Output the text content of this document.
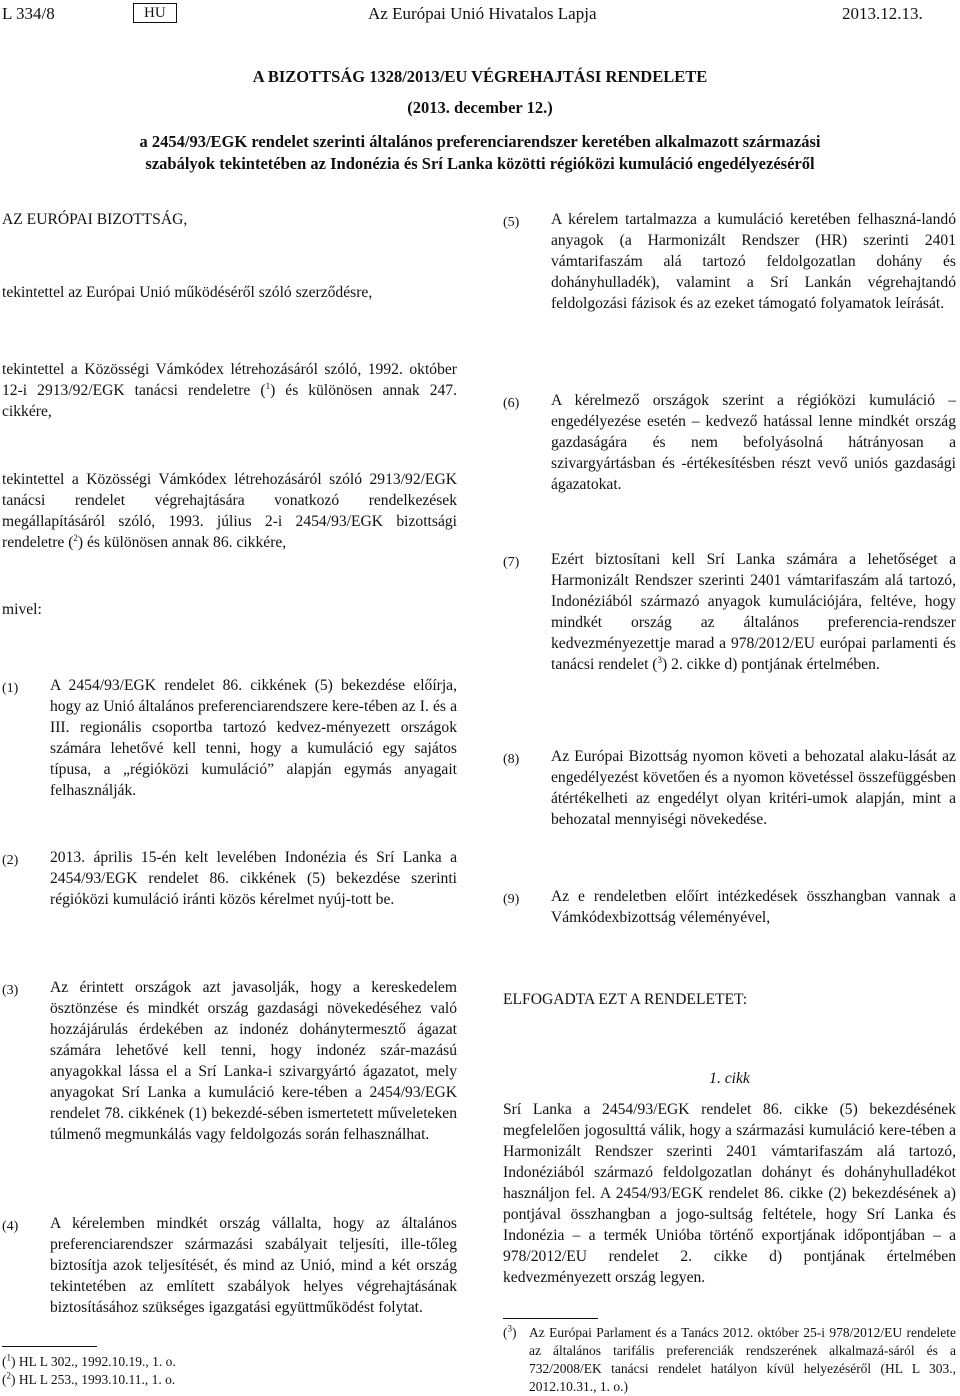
L 334/8	HU	Az Európai Unió Hivatalos Lapja	2013.12.13.
A BIZOTTSÁG 1328/2013/EU VÉGREHAJTÁSI RENDELETE
(2013. december 12.)
a 2454/93/EGK rendelet szerinti általános preferenciarendszer keretében alkalmazott származási
szabályok tekintetében az Indonézia és Srí Lanka közötti régióközi kumuláció engedélyezéséről
AZ EURÓPAI BIZOTTSÁG,
tekintettel az Európai Unió működéséről szóló szerződésre,
tekintettel a Közösségi Vámkódex létrehozásáról szóló, 1992. október 12-i 2913/92/EGK tanácsi rendeletre ($^1$) és különösen annak 247. cikkére,
tekintettel a Közösségi Vámkódex létrehozásáról szóló 2913/92/EGK tanácsi rendelet végrehajtására vonatkozó rendelkezések megállapításáról szóló, 1993. július 2-i 2454/93/EGK bizottsági rendeletre ($^2$) és különösen annak 86. cikkére,
mivel:
(1) A 2454/93/EGK rendelet 86. cikkének (5) bekezdése előírja, hogy az Unió általános preferenciarendszere kere-tében az I. és a III. regionális csoportba tartozó kedvez-ményezett országok számára lehetővé kell tenni, hogy a kumuláció egy sajátos típusa, a „régióközi kumuláció” alapján egymás anyagait felhasználják.
(2) 2013. április 15-én kelt levelében Indonézia és Srí Lanka a 2454/93/EGK rendelet 86. cikkének (5) bekezdése szerinti régióközi kumuláció iránti közös kérelmet nyúj-tott be.
(3) Az érintett országok azt javasolják, hogy a kereskedelem ösztönzése és mindkét ország gazdasági növekedéséhez való hozzájárulás érdekében az indonéz dohánytermesztő ágazat számára lehetővé kell tenni, hogy indonéz szár-mazású anyagokkal lássa el a Srí Lanka-i szivargyártó ágazatot, mely anyagokat Srí Lanka a kumuláció kere-tében a 2454/93/EGK rendelet 78. cikkének (1) bekezdé-sében ismertetett műveleteken túlmenő megmunkálás vagy feldolgozás során felhasználhat.
(4) A kérelemben mindkét ország vállalta, hogy az általános preferenciarendszer származási szabályait teljesíti, ille-tőleg biztosítja azok teljesítését, és mind az Unió, mind a két ország tekintetében az említett szabályok helyes végrehajtásának biztosításához szükséges igazgatási együttműködést folytat.
($^1$) HL L 302., 1992.10.19., 1. o.
($^2$) HL L 253., 1993.10.11., 1. o.
(5) A kérelem tartalmazza a kumuláció keretében felhaszná-landó anyagok (a Harmonizált Rendszer (HR) szerinti 2401 vámtarifaszám alá tartozó feldolgozatlan dohány és dohányhulladék), valamint a Srí Lankán végrehajtandó feldolgozási fázisok és az ezeket támogató folyamatok leírását.
(6) A kérelmező országok szerint a régióközi kumuláció – engedélyezése esetén – kedvező hatással lenne mindkét ország gazdaságára és nem befolyásolná hátrányosan a szivargyártásban és -értékesítésben részt vevő uniós gazdasági ágazatokat.
(7) Ezért biztosítani kell Srí Lanka számára a lehetőséget a Harmonizált Rendszer szerinti 2401 vámtarifaszám alá tartozó, Indonéziából származó anyagok kumulációjára, feltéve, hogy mindkét ország az általános preferencia-rendszer kedvezményezettje marad a 978/2012/EU európai parlamenti és tanácsi rendelet ($^3$) 2. cikke d) pontjának értelmében.
(8) Az Európai Bizottság nyomon követi a behozatal alaku-lását az engedélyezést követően és a nyomon követéssel összefüggésben átértékelheti az engedélyt olyan kritéri-umok alapján, mint a behozatal mennyiségi növekedése.
(9) Az e rendeletben előírt intézkedések összhangban vannak a Vámkódexbizottság véleményével,
ELFOGADTA EZT A RENDELETET:
1. cikk
Srí Lanka a 2454/93/EGK rendelet 86. cikke (5) bekezdésének megfelelően jogosulttá válik, hogy a származási kumuláció kere-tében a Harmonizált Rendszer szerinti 2401 vámtarifaszám alá tartozó, Indonéziából származó feldolgozatlan dohányt és dohányhulladékot használjon fel. A 2454/93/EGK rendelet 86. cikke (2) bekezdésének a) pontjával összhangban a jogo-sultság feltétele, hogy Srí Lanka és Indonézia – a termék Unióba történő exportjának időpontjában – a 978/2012/EU rendelet 2. cikke d) pontjának értelmében kedvezményezett ország legyen.
($^3$) Az Európai Parlament és a Tanács 2012. október 25-i 978/2012/EU rendelete az általános tarifális preferenciák rendszerének alkalmazá-sáról és a 732/2008/EK tanácsi rendelet hatályon kívül helyezéséről (HL L 303., 2012.10.31., 1. o.)
